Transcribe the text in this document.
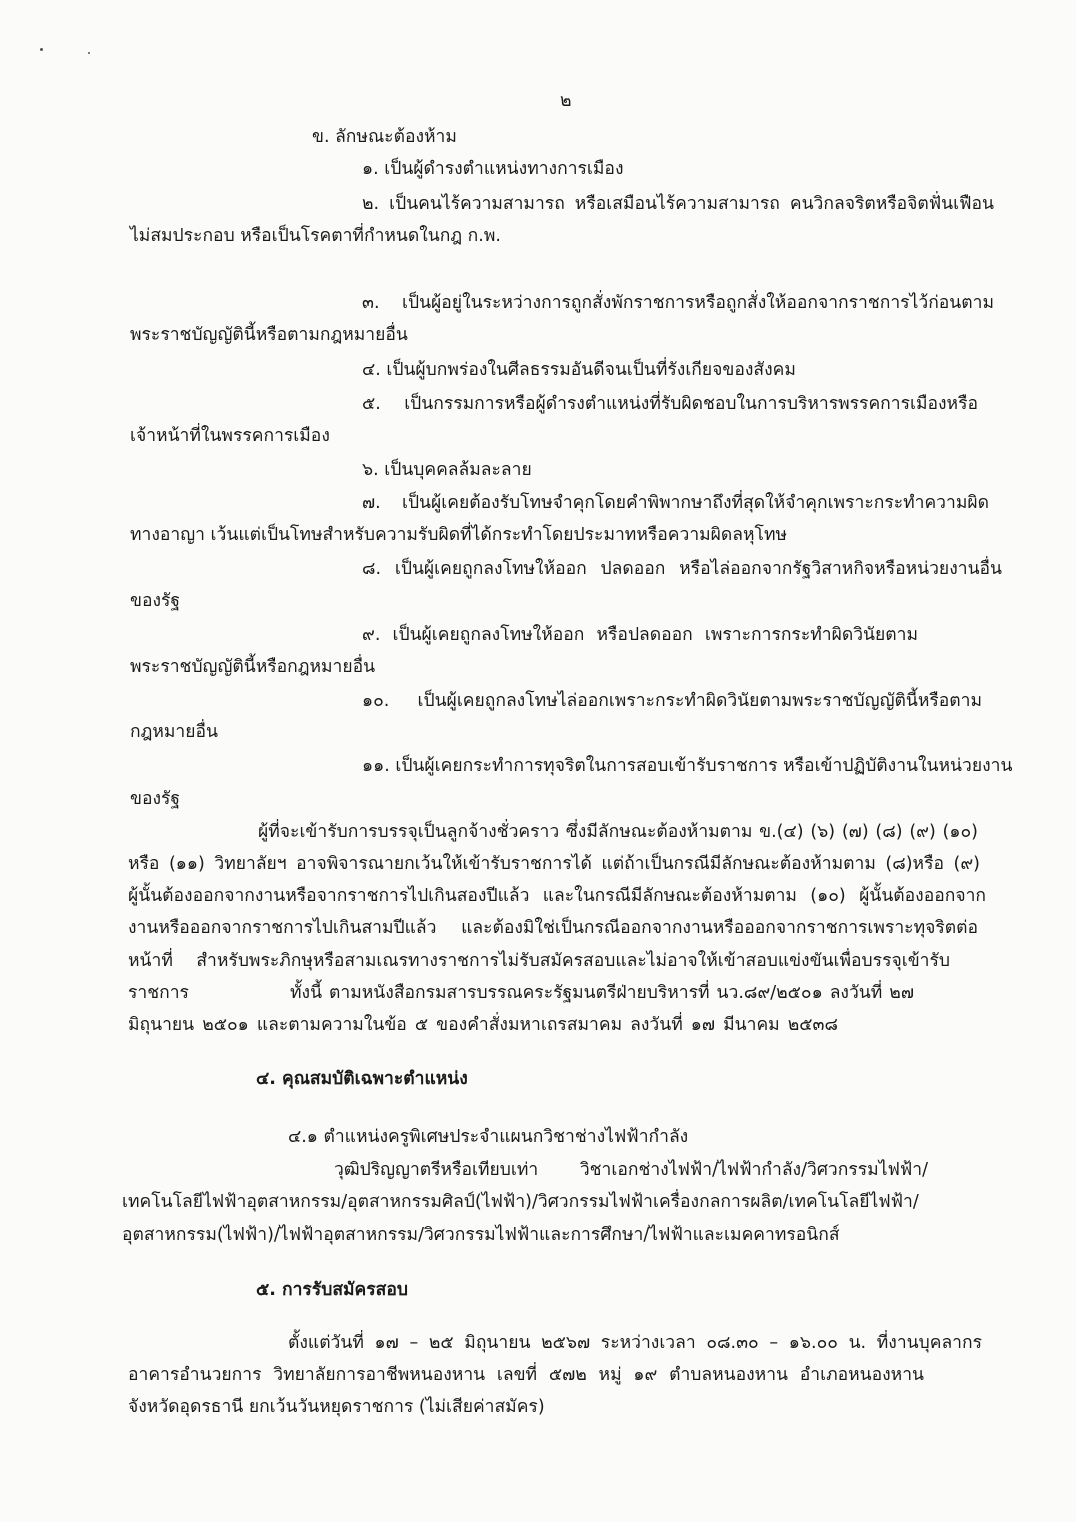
๒
ข. ลักษณะต้องห้าม
๑. เป็นผู้ดำรงตำแหน่งทางการเมือง
๒. เป็นคนไร้ความสามารถ หรือเสมือนไร้ความสามารถ คนวิกลจริตหรือจิตฟั่นเฟือน
ไม่สมประกอบ หรือเป็นโรคตาที่กำหนดในกฎ ก.พ.
๓. เป็นผู้อยู่ในระหว่างการถูกสั่งพักราชการหรือถูกสั่งให้ออกจากราชการไว้ก่อนตาม
พระราชบัญญัตินี้หรือตามกฎหมายอื่น
๔. เป็นผู้บกพร่องในศีลธรรมอันดีจนเป็นที่รังเกียจของสังคม
๕. เป็นกรรมการหรือผู้ดำรงตำแหน่งที่รับผิดชอบในการบริหารพรรคการเมืองหรือ
เจ้าหน้าที่ในพรรคการเมือง
๖. เป็นบุคคลล้มละลาย
๗. เป็นผู้เคยต้องรับโทษจำคุกโดยคำพิพากษาถึงที่สุดให้จำคุกเพราะกระทำความผิด
ทางอาญา เว้นแต่เป็นโทษสำหรับความรับผิดที่ได้กระทำโดยประมาทหรือความผิดลหุโทษ
๘. เป็นผู้เคยถูกลงโทษให้ออก ปลดออก หรือไล่ออกจากรัฐวิสาหกิจหรือหน่วยงานอื่น
ของรัฐ
๙. เป็นผู้เคยถูกลงโทษให้ออก หรือปลดออก เพราะการกระทำผิดวินัยตาม
พระราชบัญญัตินี้หรือกฎหมายอื่น
๑๐. เป็นผู้เคยถูกลงโทษไล่ออกเพราะกระทำผิดวินัยตามพระราชบัญญัตินี้หรือตาม
กฎหมายอื่น
๑๑. เป็นผู้เคยกระทำการทุจริตในการสอบเข้ารับราชการ หรือเข้าปฏิบัติงานในหน่วยงาน
ของรัฐ
ผู้ที่จะเข้ารับการบรรจุเป็นลูกจ้างชั่วคราว ซึ่งมีลักษณะต้องห้ามตาม ข.(๔) (๖) (๗) (๘) (๙) (๑๐)
หรือ (๑๑) วิทยาลัยฯ อาจพิจารณายกเว้นให้เข้ารับราชการได้ แต่ถ้าเป็นกรณีมีลักษณะต้องห้ามตาม (๘)หรือ (๙)
ผู้นั้นต้องออกจากงานหรือจากราชการไปเกินสองปีแล้ว และในกรณีมีลักษณะต้องห้ามตาม (๑๐) ผู้นั้นต้องออกจาก
งานหรือออกจากราชการไปเกินสามปีแล้ว และต้องมิใช่เป็นกรณีออกจากงานหรือออกจากราชการเพราะทุจริตต่อ
หน้าที่ สำหรับพระภิกษุหรือสามเณรทางราชการไม่รับสมัครสอบและไม่อาจให้เข้าสอบแข่งขันเพื่อบรรจุเข้ารับ
ราชการ	ทั้งนี้ ตามหนังสือกรมสารบรรณคระรัฐมนตรีฝ่ายบริหารที่ นว.๘๙/๒๕๐๑ ลงวันที่ ๒๗
มิถุนายน ๒๕๐๑ และตามความในข้อ ๕ ของคำสั่งมหาเถรสมาคม ลงวันที่ ๑๗ มีนาคม ๒๕๓๘
๔. คุณสมบัติเฉพาะตำแหน่ง
๔.๑ ตำแหน่งครูพิเศษประจำแผนกวิชาช่างไฟฟ้ากำลัง
วุฒิปริญญาตรีหรือเทียบเท่า วิชาเอกช่างไฟฟ้า/ไฟฟ้ากำลัง/วิศวกรรมไฟฟ้า/
เทคโนโลยีไฟฟ้าอุตสาหกรรม/อุตสาหกรรมศิลป์(ไฟฟ้า)/วิศวกรรมไฟฟ้าเครื่องกลการผลิต/เทคโนโลยีไฟฟ้า/
อุตสาหกรรม(ไฟฟ้า)/ไฟฟ้าอุตสาหกรรม/วิศวกรรมไฟฟ้าและการศึกษา/ไฟฟ้าและเมคคาทรอนิกส์
๕. การรับสมัครสอบ
ตั้งแต่วันที่ ๑๗ – ๒๕ มิถุนายน ๒๕๖๗ ระหว่างเวลา ๐๘.๓๐ – ๑๖.๐๐ น. ที่งานบุคลากร
อาคารอำนวยการ วิทยาลัยการอาชีพหนองหาน เลขที่ ๕๗๒ หมู่ ๑๙ ตำบลหนองหาน อำเภอหนองหาน
จังหวัดอุดรธานี ยกเว้นวันหยุดราชการ (ไม่เสียค่าสมัคร)
